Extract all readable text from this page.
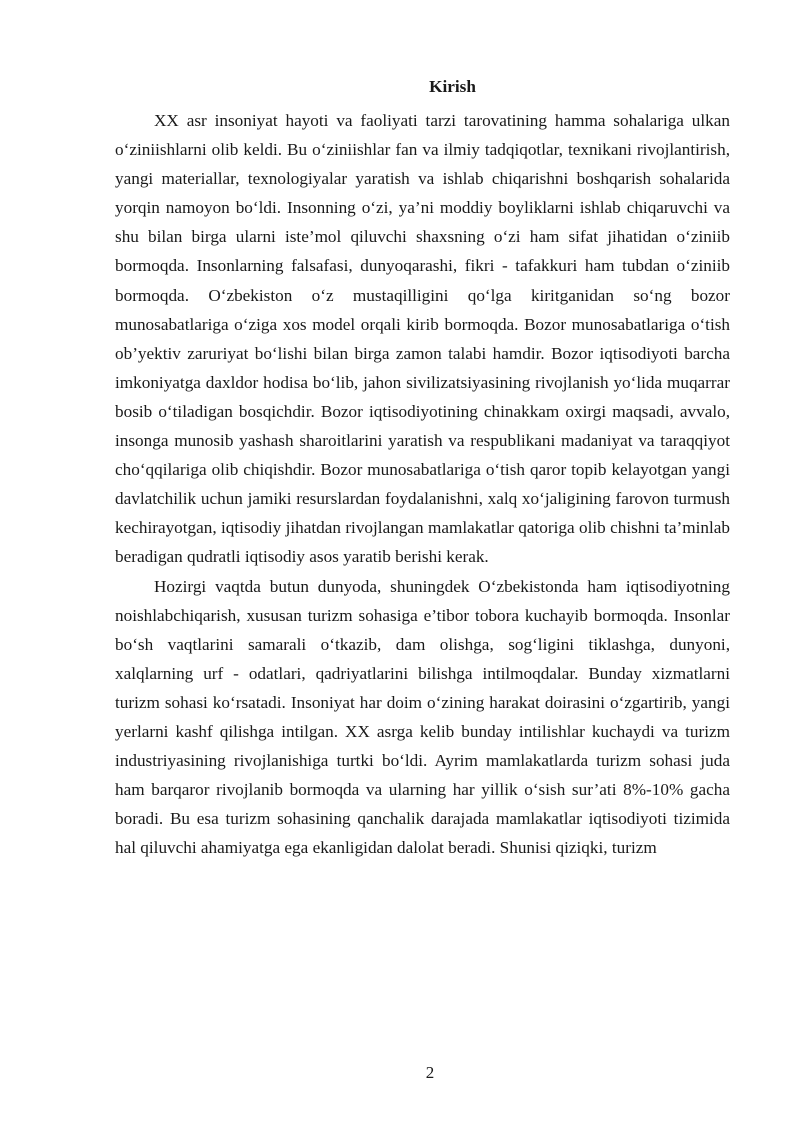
Kirish

XX asr insoniyat hayoti va faoliyati tarzi tarovatining hamma sohalariga ulkan o‘ziniishlarni olib keldi. Bu o‘ziniishlar fan va ilmiy tadqiqotlar, texnikani rivojlantirish, yangi materiallar, texnologiyalar yaratish va ishlab chiqarishni boshqarish sohalarida yorqin namoyon bo‘ldi. Insonning o‘zi, ya’ni moddiy boyliklarni ishlab chiqaruvchi va shu bilan birga ularni iste’mol qiluvchi shaxsning o‘zi ham sifat jihatidan o‘ziniib bormoqda. Insonlarning falsafasi, dunyoqarashi, fikri - tafakkuri ham tubdan o‘ziniib bormoqda. O‘zbekiston o‘z mustaqilligini qo‘lga kiritganidan so‘ng bozor munosabatlariga o‘ziga xos model orqali kirib bormoqda. Bozor munosabatlariga o‘tish ob’yektiv zaruriyat bo‘lishi bilan birga zamon talabi hamdir. Bozor iqtisodiyoti barcha imkoniyatga daxldor hodisa bo‘lib, jahon sivilizatsiyasining rivojlanish yo‘lida muqarrar bosib o‘tiladigan bosqichdir. Bozor iqtisodiyotining chinakkam oxirgi maqsadi, avvalo, insonga munosib yashash sharoitlarini yaratish va respublikani madaniyat va taraqqiyot cho‘qqilariga olib chiqishdir. Bozor munosabatlariga o‘tish qaror topib kelayotgan yangi davlatchilik uchun jamiki resurslardan foydalanishni, xalq xo‘jaligining farovon turmush kechirayotgan, iqtisodiy jihatdan rivojlangan mamlakatlar qatoriga olib chishni ta’minlab beradigan qudratli iqtisodiy asos yaratib berishi kerak.

Hozirgi vaqtda butun dunyoda, shuningdek O‘zbekistonda ham iqtisodiyotning noishlabchiqarish, xususan turizm sohasiga e’tibor tobora kuchayib bormoqda. Insonlar bo‘sh vaqtlarini samarali o‘tkazib, dam olishga, sog‘ligini tiklashga, dunyoni, xalqlarning urf - odatlari, qadriyatlarini bilishga intilmoqdalar. Bunday xizmatlarni turizm sohasi ko‘rsatadi. Insoniyat har doim o‘zining harakat doirasini o‘zgartirib, yangi yerlarni kashf qilishga intilgan. XX asrga kelib bunday intilishlar kuchaydi va turizm industriyasining rivojlanishiga turtki bo‘ldi. Ayrim mamlakatlarda turizm sohasi juda ham barqaror rivojlanib bormoqda va ularning har yillik o‘sish sur’ati 8%-10% gacha boradi. Bu esa turizm sohasining qanchalik darajada mamlakatlar iqtisodiyoti tizimida hal qiluvchi ahamiyatga ega ekanligidan dalolat beradi. Shunisi qiziqki, turizm

2
